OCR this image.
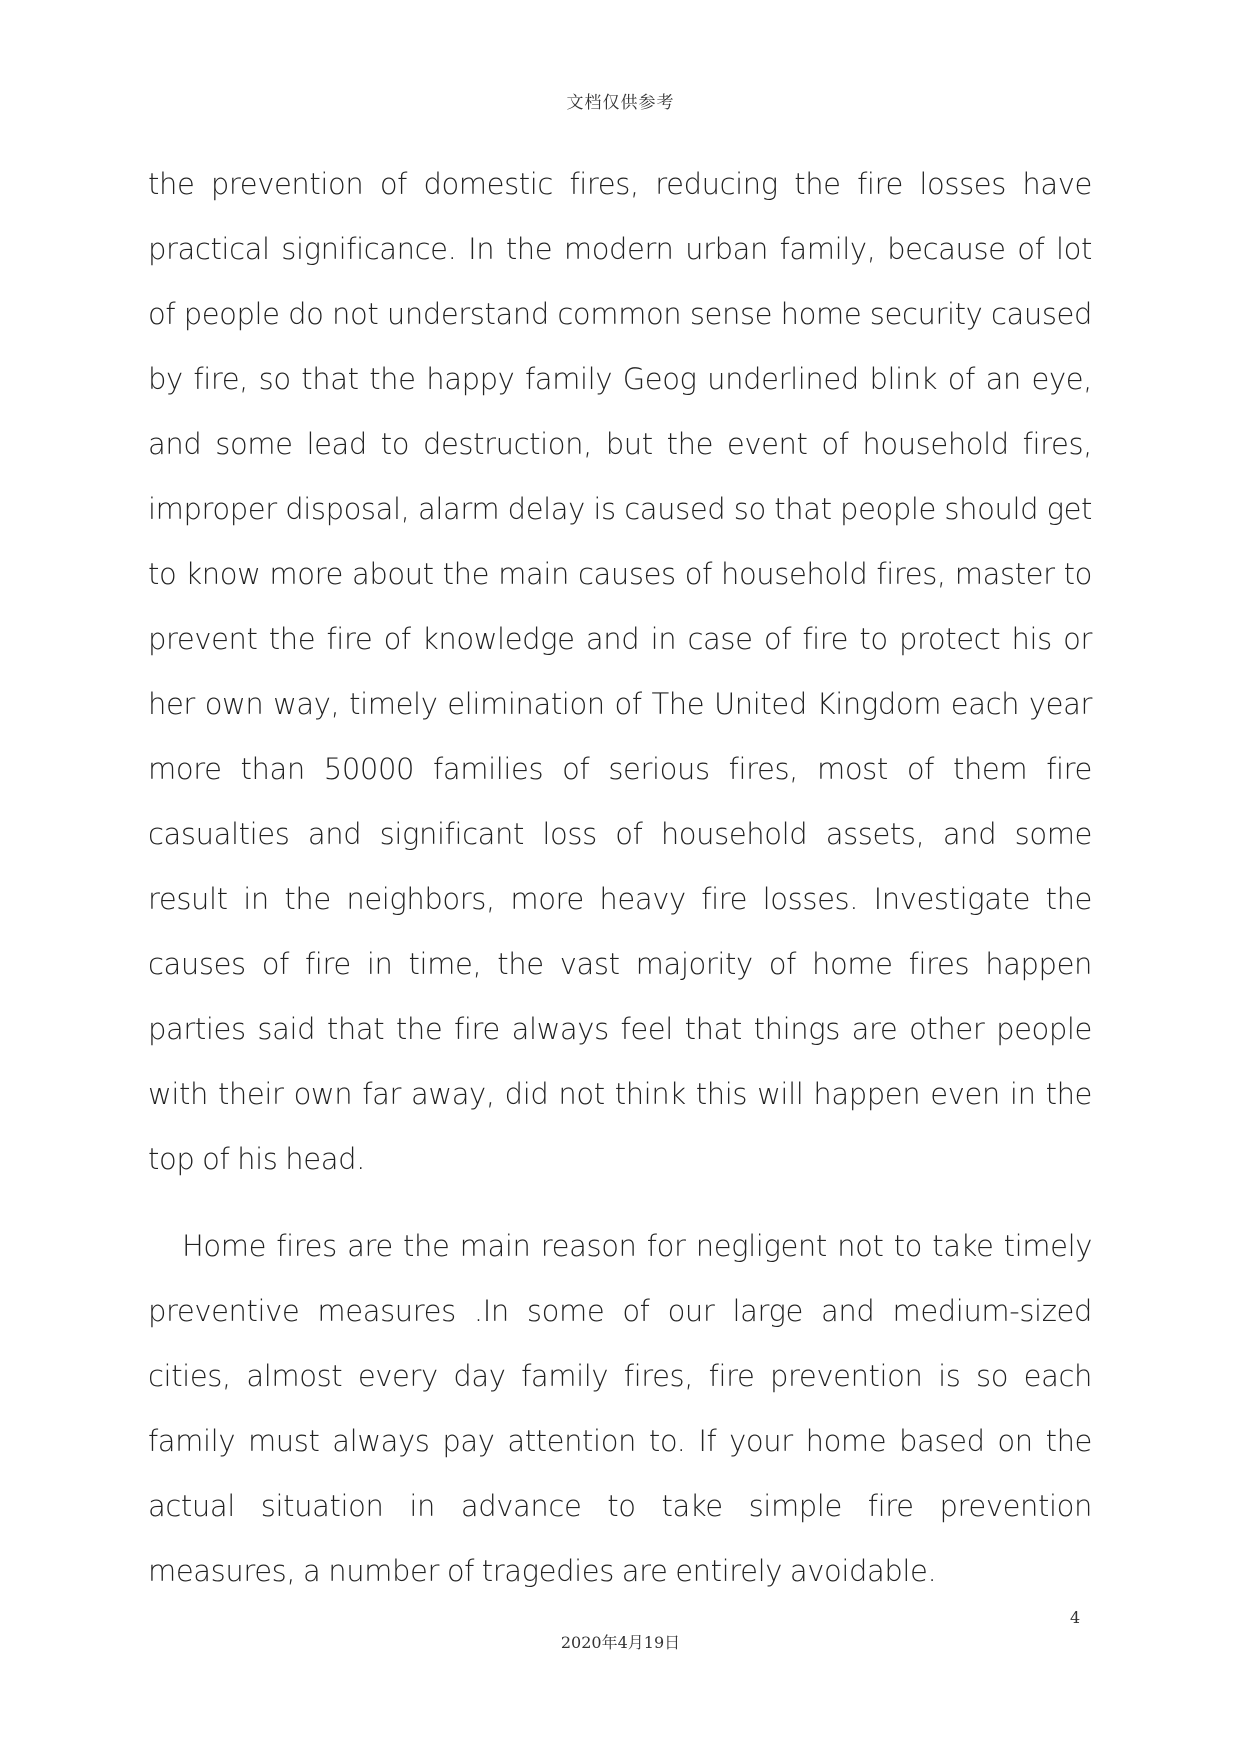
文档仅供参考

the prevention of domestic fires, reducing the fire losses have practical significance. In the modern urban family, because of lot of people do not understand common sense home security caused by fire, so that the happy family Geog underlined blink of an eye, and some lead to destruction, but the event of household fires, improper disposal, alarm delay is caused so that people should get to know more about the main causes of household fires, master to prevent the fire of knowledge and in case of fire to protect his or her own way, timely elimination of The United Kingdom each year more than 50000 families of serious fires, most of them fire casualties and significant loss of household assets, and some result in the neighbors, more heavy fire losses. Investigate the causes of fire in time, the vast majority of home fires happen parties said that the fire always feel that things are other people with their own far away, did not think this will happen even in the top of his head.

Home fires are the main reason for negligent not to take timely preventive measures .In some of our large and medium-sized cities, almost every day family fires, fire prevention is so each family must always pay attention to. If your home based on the actual situation in advance to take simple fire prevention measures, a number of tragedies are entirely avoidable.

4
2020年4月19日
